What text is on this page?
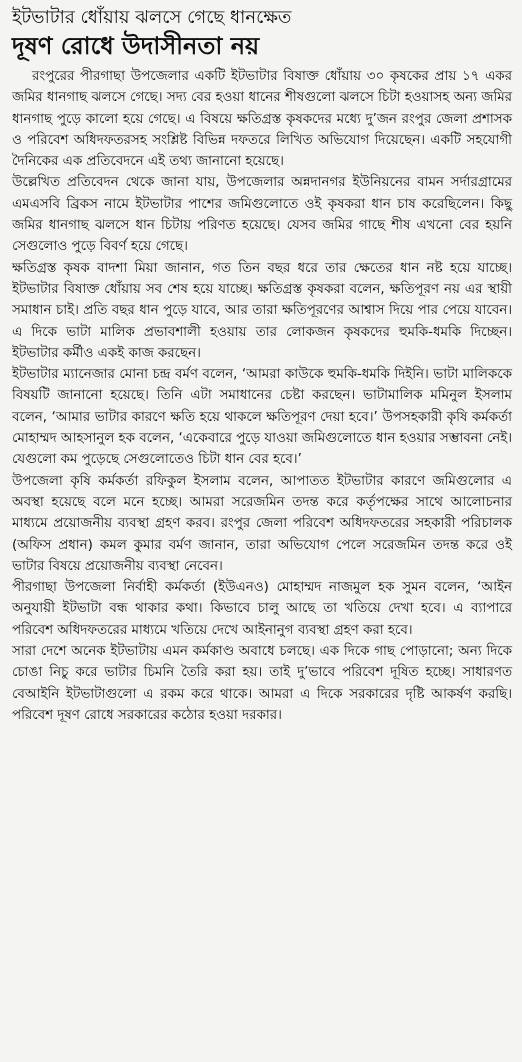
ইটভাটার ধোঁয়ায় ঝলসে গেছে ধানক্ষেত
দূষণ রোধে উদাসীনতা নয়

রংপুরের পীরগাছা উপজেলার একটি ইটভাটার বিষাক্ত ধোঁয়ায় ৩০ কৃষকের প্রায় ১৭ একর জমির ধানগাছ ঝলসে গেছে। সদ্য বের হওয়া ধানের শীষগুলো ঝলসে চিটা হওয়াসহ অন্য জমির ধানগাছ পুড়ে কালো হয়ে গেছে। এ বিষয়ে ক্ষতিগ্রস্ত কৃষকদের মধ্যে দু’জন রংপুর জেলা প্রশাসক ও পরিবেশ অধিদফতরসহ সংশ্লিষ্ট বিভিন্ন দফতরে লিখিত অভিযোগ দিয়েছেন। একটি সহযোগী দৈনিকের এক প্রতিবেদনে এই তথ্য জানানো হয়েছে।

উল্লেখিত প্রতিবেদন থেকে জানা যায়, উপজেলার অন্নদানগর ইউনিয়নের বামন সর্দারগ্রামের এমএসবি ব্রিকস নামে ইটভাটার পাশের জমিগুলোতে ওই কৃষকরা ধান চাষ করেছিলেন। কিছু জমির ধানগাছ ঝলসে ধান চিটায় পরিণত হয়েছে। যেসব জমির গাছে শীষ এখনো বের হয়নি সেগুলোও পুড়ে বিবর্ণ হয়ে গেছে।

ক্ষতিগ্রস্ত কৃষক বাদশা মিয়া জানান, গত তিন বছর ধরে তার ক্ষেতের ধান নষ্ট হয়ে যাচ্ছে। ইটভাটার বিষাক্ত ধোঁয়ায় সব শেষ হয়ে যাচ্ছে। ক্ষতিগ্রস্ত কৃষকরা বলেন, ক্ষতিপূরণ নয় এর স্থায়ী সমাধান চাই। প্রতি বছর ধান পুড়ে যাবে, আর তারা ক্ষতিপূরণের আশ্বাস দিয়ে পার পেয়ে যাবেন। এ দিকে ভাটা মালিক প্রভাবশালী হওয়ায় তার লোকজন কৃষকদের হুমকি-ধমকি দিচ্ছেন। ইটভাটার কর্মীও একই কাজ করছেন।

ইটভাটার ম্যানেজার মোনা চন্দ্র বর্মণ বলেন, ‘আমরা কাউকে হুমকি-ধমকি দিইনি। ভাটা মালিককে বিষয়টি জানানো হয়েছে। তিনি এটা সমাধানের চেষ্টা করছেন। ভাটামালিক মমিনুল ইসলাম বলেন, ‘আমার ভাটার কারণে ক্ষতি হয়ে থাকলে ক্ষতিপূরণ দেয়া হবে।’ উপসহকারী কৃষি কর্মকর্তা মোহাম্মদ আহসানুল হক বলেন, ‘একেবারে পুড়ে যাওয়া জমিগুলোতে ধান হওয়ার সম্ভাবনা নেই। যেগুলো কম পুড়েছে সেগুলোতেও চিটা ধান বের হবে।’

উপজেলা কৃষি কর্মকর্তা রফিকুল ইসলাম বলেন, আপাতত ইটভাটার কারণে জমিগুলোর এ অবস্থা হয়েছে বলে মনে হচ্ছে। আমরা সরেজমিন তদন্ত করে কর্তৃপক্ষের সাথে আলোচনার মাধ্যমে প্রয়োজনীয় ব্যবস্থা গ্রহণ করব। রংপুর জেলা পরিবেশ অধিদফতরের সহকারী পরিচালক (অফিস প্রধান) কমল কুমার বর্মণ জানান, তারা অভিযোগ পেলে সরেজমিন তদন্ত করে ওই ভাটার বিষয়ে প্রয়োজনীয় ব্যবস্থা নেবেন।

পীরগাছা উপজেলা নির্বাহী কর্মকর্তা (ইউএনও) মোহাম্মদ নাজমুল হক সুমন বলেন, ‘আইন অনুযায়ী ইটভাটা বন্ধ থাকার কথা। কিভাবে চালু আছে তা খতিয়ে দেখা হবে। এ ব্যাপারে পরিবেশ অধিদফতরের মাধ্যমে খতিয়ে দেখে আইনানুগ ব্যবস্থা গ্রহণ করা হবে।

সারা দেশে অনেক ইটভাটায় এমন কর্মকাণ্ড অবাধে চলছে। এক দিকে গাছ পোড়ানো; অন্য দিকে চোঙা নিচু করে ভাটার চিমনি তৈরি করা হয়। তাই দু’ভাবে পরিবেশ দূষিত হচ্ছে। সাধারণত বেআইনি ইটভাটাগুলো এ রকম করে থাকে। আমরা এ দিকে সরকারের দৃষ্টি আকর্ষণ করছি। পরিবেশ দূষণ রোধে সরকারের কঠোর হওয়া দরকার।
